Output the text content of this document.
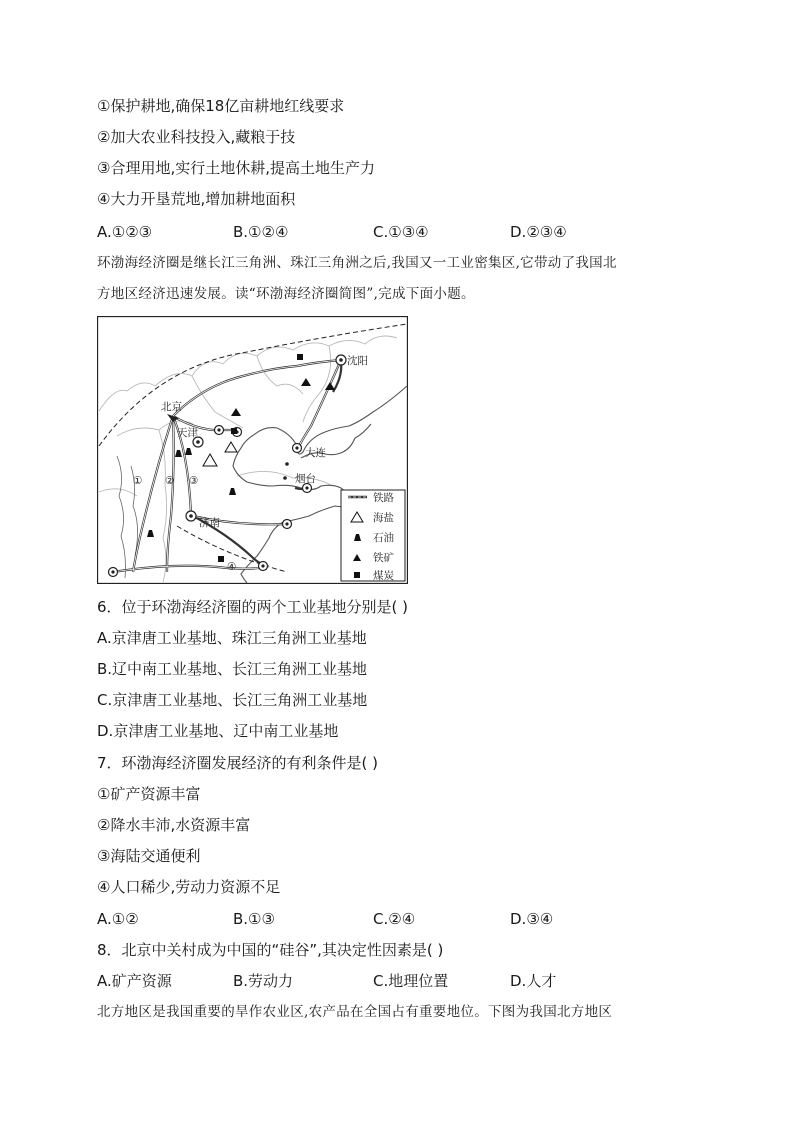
①保护耕地,确保18亿亩耕地红线要求
②加大农业科技投入,藏粮于技
③合理用地,实行土地休耕,提高土地生产力
④大力开垦荒地,增加耕地面积
A.①②③	B.①②④	C.①③④	D.②③④
环渤海经济圈是继长江三角洲、珠江三角洲之后,我国又一工业密集区,它带动了我国北
方地区经济迅速发展。读“环渤海经济圈简图”,完成下面小题。
北京
天津
沈阳
大连
烟台
济南
① ② ③
④
铁路
海盐
石油
铁矿
煤炭
6．位于环渤海经济圈的两个工业基地分别是( )
A.京津唐工业基地、珠江三角洲工业基地
B.辽中南工业基地、长江三角洲工业基地
C.京津唐工业基地、长江三角洲工业基地
D.京津唐工业基地、辽中南工业基地
7．环渤海经济圈发展经济的有利条件是( )
①矿产资源丰富
②降水丰沛,水资源丰富
③海陆交通便利
④人口稀少,劳动力资源不足
A.①②	B.①③	C.②④	D.③④
8．北京中关村成为中国的“硅谷”,其决定性因素是( )
A.矿产资源	B.劳动力	C.地理位置	D.人才
北方地区是我国重要的旱作农业区,农产品在全国占有重要地位。下图为我国北方地区
